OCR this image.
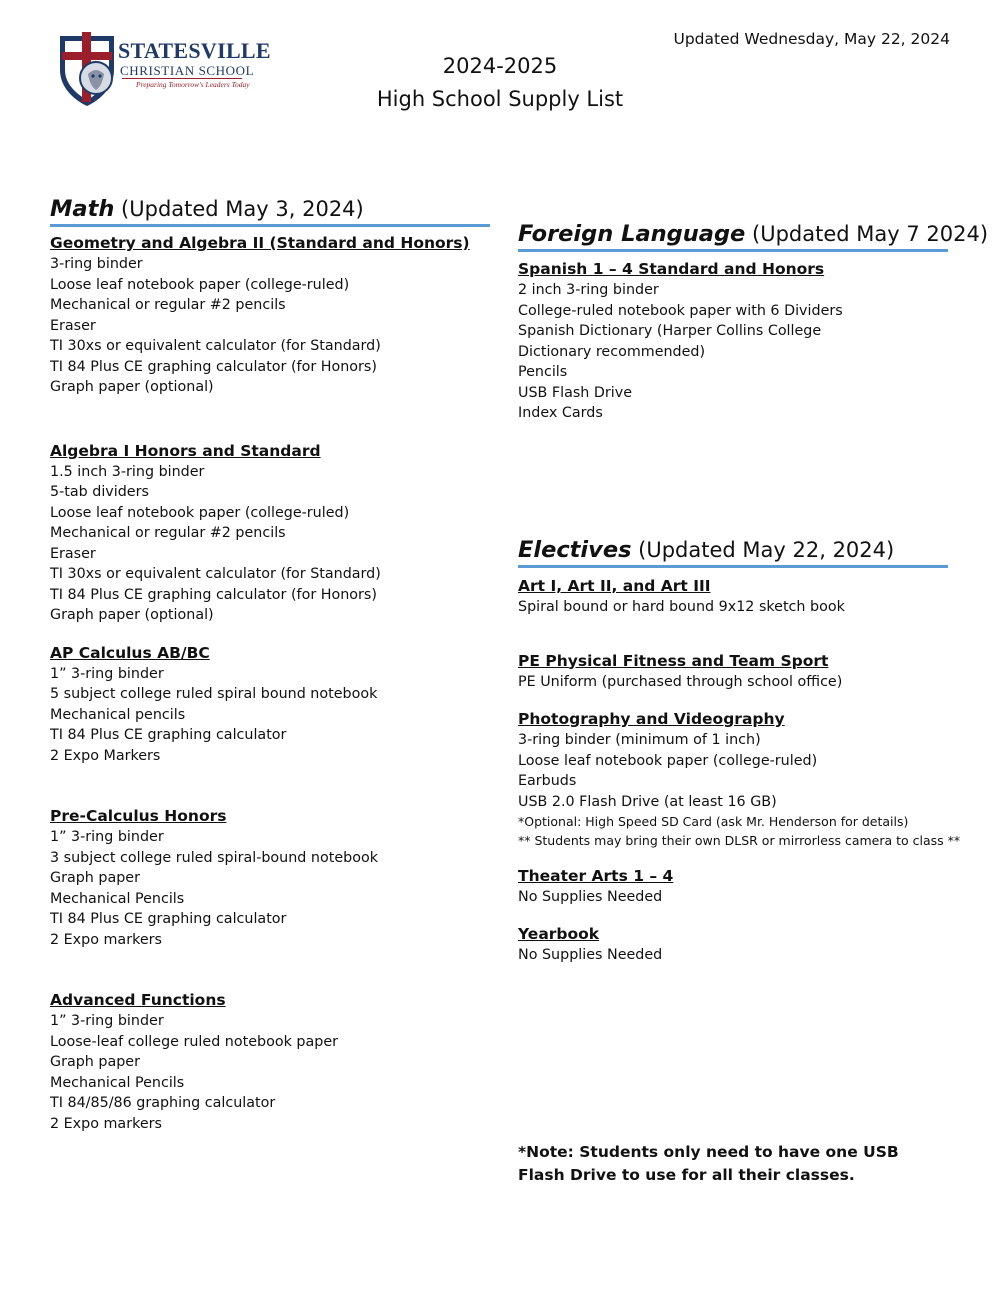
STATESVILLE
CHRISTIAN SCHOOL
Preparing Tomorrow's Leaders Today
Updated Wednesday, May 22, 2024
2024-2025
High School Supply List
Math (Updated May 3, 2024)
Geometry and Algebra II (Standard and Honors)
3-ring binder
Loose leaf notebook paper (college-ruled)
Mechanical or regular #2 pencils
Eraser
TI 30xs or equivalent calculator (for Standard)
TI 84 Plus CE graphing calculator (for Honors)
Graph paper (optional)
Algebra I Honors and Standard
1.5 inch 3-ring binder
5-tab dividers
Loose leaf notebook paper (college-ruled)
Mechanical or regular #2 pencils
Eraser
TI 30xs or equivalent calculator (for Standard)
TI 84 Plus CE graphing calculator (for Honors)
Graph paper (optional)
AP Calculus AB/BC
1” 3-ring binder
5 subject college ruled spiral bound notebook
Mechanical pencils
TI 84 Plus CE graphing calculator
2 Expo Markers
Pre-Calculus Honors
1” 3-ring binder
3 subject college ruled spiral-bound notebook
Graph paper
Mechanical Pencils
TI 84 Plus CE graphing calculator
2 Expo markers
Advanced Functions
1” 3-ring binder
Loose-leaf college ruled notebook paper
Graph paper
Mechanical Pencils
TI 84/85/86 graphing calculator
2 Expo markers
Foreign Language (Updated May 7 2024)
Spanish 1 – 4 Standard and Honors
2 inch 3-ring binder
College-ruled notebook paper with 6 Dividers
Spanish Dictionary (Harper Collins College Dictionary recommended)
Pencils
USB Flash Drive
Index Cards
Electives (Updated May 22, 2024)
Art I, Art II, and Art III
Spiral bound or hard bound 9x12 sketch book
PE Physical Fitness and Team Sport
PE Uniform (purchased through school office)
Photography and Videography
3-ring binder (minimum of 1 inch)
Loose leaf notebook paper (college-ruled)
Earbuds
USB 2.0 Flash Drive (at least 16 GB)
*Optional: High Speed SD Card (ask Mr. Henderson for details)
** Students may bring their own DLSR or mirrorless camera to class **
Theater Arts 1 – 4
No Supplies Needed
Yearbook
No Supplies Needed
*Note: Students only need to have one USB Flash Drive to use for all their classes.
